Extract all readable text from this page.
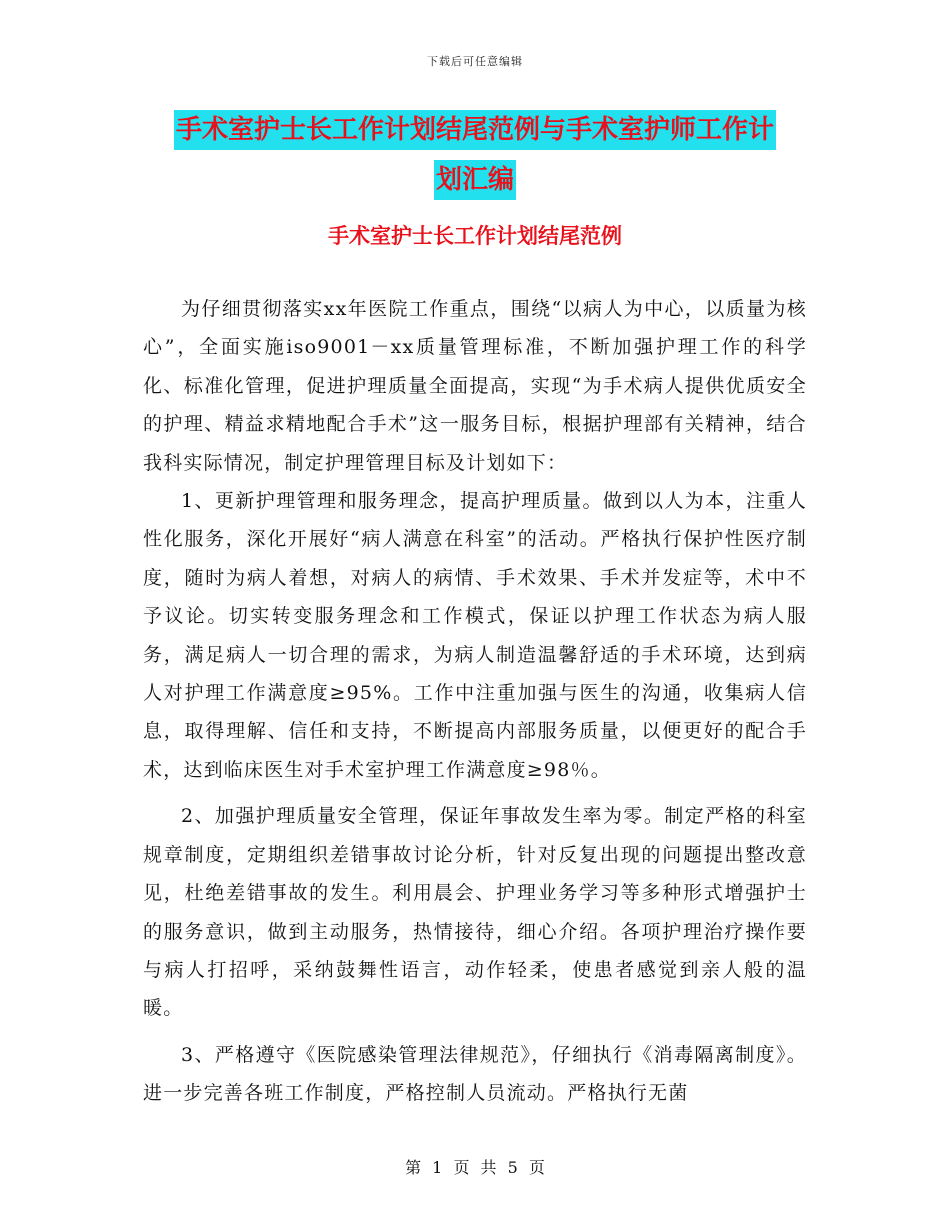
下载后可任意编辑
手术室护士长工作计划结尾范例与手术室护师工作计
划汇编
手术室护士长工作计划结尾范例

为仔细贯彻落实xx年医院工作重点，围绕“以病人为中心，以质量为核心”，全面实施iso9001－xx质量管理标准，不断加强护理工作的科学化、标准化管理，促进护理质量全面提高，实现“为手术病人提供优质安全的护理、精益求精地配合手术”这一服务目标，根据护理部有关精神，结合我科实际情况，制定护理管理目标及计划如下：

1、更新护理管理和服务理念，提高护理质量。做到以人为本，注重人性化服务，深化开展好“病人满意在科室”的活动。严格执行保护性医疗制度，随时为病人着想，对病人的病情、手术效果、手术并发症等，术中不予议论。切实转变服务理念和工作模式，保证以护理工作状态为病人服务，满足病人一切合理的需求，为病人制造温馨舒适的手术环境，达到病人对护理工作满意度≥95%。工作中注重加强与医生的沟通，收集病人信息，取得理解、信任和支持，不断提高内部服务质量，以便更好的配合手术，达到临床医生对手术室护理工作满意度≥98％。

2、加强护理质量安全管理，保证年事故发生率为零。制定严格的科室规章制度，定期组织差错事故讨论分析，针对反复出现的问题提出整改意见，杜绝差错事故的发生。利用晨会、护理业务学习等多种形式增强护士的服务意识，做到主动服务，热情接待，细心介绍。各项护理治疗操作要与病人打招呼，采纳鼓舞性语言，动作轻柔，使患者感觉到亲人般的温暖。

3、严格遵守《医院感染管理法律规范》，仔细执行《消毒隔离制度》。进一步完善各班工作制度，严格控制人员流动。严格执行无菌

第 1 页 共 5 页
